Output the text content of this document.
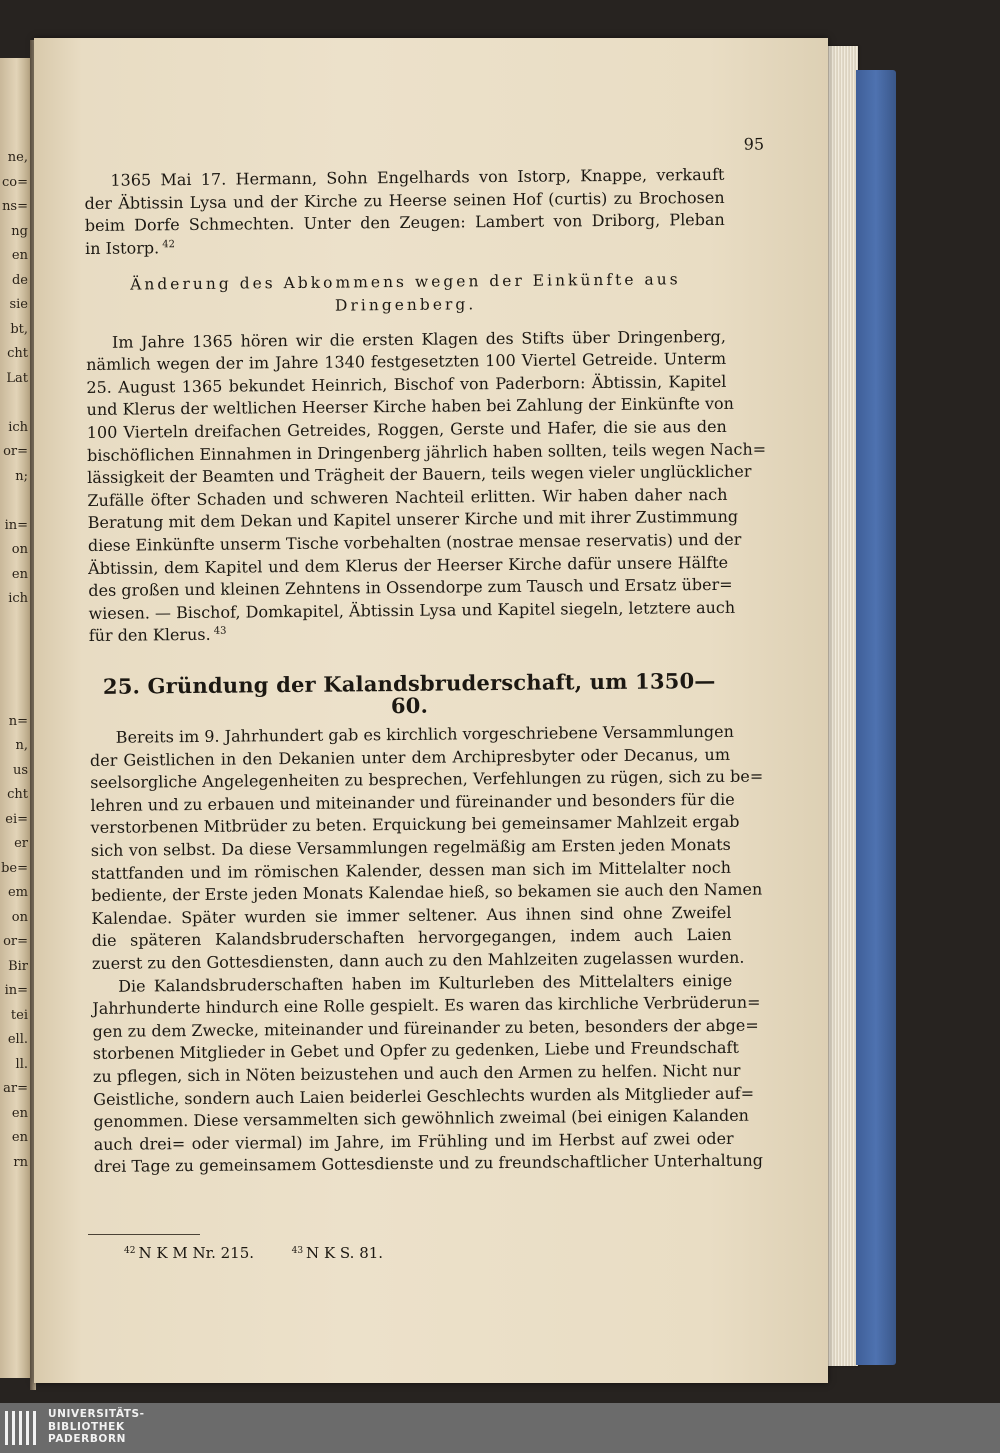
ne,
co=
ns=
ng
en
de
sie
bt,
cht
Lat
ich
or=
n;
in=
on
en
ich
n=
n,
us
cht
ei=
er
be=
em
on
or=
Bir
in=
tei
ell.
ll.
ar=
en
en
rn
95
1365 Mai 17. Hermann, Sohn Engelhards von Istorp, Knappe, verkauft
der Äbtissin Lysa und der Kirche zu Heerse seinen Hof (curtis) zu Brochosen
beim Dorfe Schmechten. Unter den Zeugen: Lambert von Driborg, Pleban
in Istorp. $^{42}$
Änderung des Abkommens wegen der Einkünfte aus
Dringenberg.
Im Jahre 1365 hören wir die ersten Klagen des Stifts über Dringenberg,
nämlich wegen der im Jahre 1340 festgesetzten 100 Viertel Getreide. Unterm
25. August 1365 bekundet Heinrich, Bischof von Paderborn: Äbtissin, Kapitel
und Klerus der weltlichen Heerser Kirche haben bei Zahlung der Einkünfte von
100 Vierteln dreifachen Getreides, Roggen, Gerste und Hafer, die sie aus den
bischöflichen Einnahmen in Dringenberg jährlich haben sollten, teils wegen Nach=
lässigkeit der Beamten und Trägheit der Bauern, teils wegen vieler unglücklicher
Zufälle öfter Schaden und schweren Nachteil erlitten. Wir haben daher nach
Beratung mit dem Dekan und Kapitel unserer Kirche und mit ihrer Zustimmung
diese Einkünfte unserm Tische vorbehalten (nostrae mensae reservatis) und der
Äbtissin, dem Kapitel und dem Klerus der Heerser Kirche dafür unsere Hälfte
des großen und kleinen Zehntens in Ossendorpe zum Tausch und Ersatz über=
wiesen. — Bischof, Domkapitel, Äbtissin Lysa und Kapitel siegeln, letztere auch
für den Klerus. $^{43}$
25. Gründung der Kalandsbruderschaft, um 1350—60.
Bereits im 9. Jahrhundert gab es kirchlich vorgeschriebene Versammlungen
der Geistlichen in den Dekanien unter dem Archipresbyter oder Decanus, um
seelsorgliche Angelegenheiten zu besprechen, Verfehlungen zu rügen, sich zu be=
lehren und zu erbauen und miteinander und füreinander und besonders für die
verstorbenen Mitbrüder zu beten. Erquickung bei gemeinsamer Mahlzeit ergab
sich von selbst. Da diese Versammlungen regelmäßig am Ersten jeden Monats
stattfanden und im römischen Kalender, dessen man sich im Mittelalter noch
bediente, der Erste jeden Monats Kalendae hieß, so bekamen sie auch den Namen
Kalendae. Später wurden sie immer seltener. Aus ihnen sind ohne Zweifel
die späteren Kalandsbruderschaften hervorgegangen, indem auch Laien
zuerst zu den Gottesdiensten, dann auch zu den Mahlzeiten zugelassen wurden.
Die Kalandsbruderschaften haben im Kulturleben des Mittelalters einige
Jahrhunderte hindurch eine Rolle gespielt. Es waren das kirchliche Verbrüderun=
gen zu dem Zwecke, miteinander und füreinander zu beten, besonders der abge=
storbenen Mitglieder in Gebet und Opfer zu gedenken, Liebe und Freundschaft
zu pflegen, sich in Nöten beizustehen und auch den Armen zu helfen. Nicht nur
Geistliche, sondern auch Laien beiderlei Geschlechts wurden als Mitglieder auf=
genommen. Diese versammelten sich gewöhnlich zweimal (bei einigen Kalanden
auch drei= oder viermal) im Jahre, im Frühling und im Herbst auf zwei oder
drei Tage zu gemeinsamem Gottesdienste und zu freundschaftlicher Unterhaltung
$^{42}$ N K M Nr. 215.	$^{43}$ N K S. 81.
UNIVERSITÄTS-
BIBLIOTHEK
PADERBORN
